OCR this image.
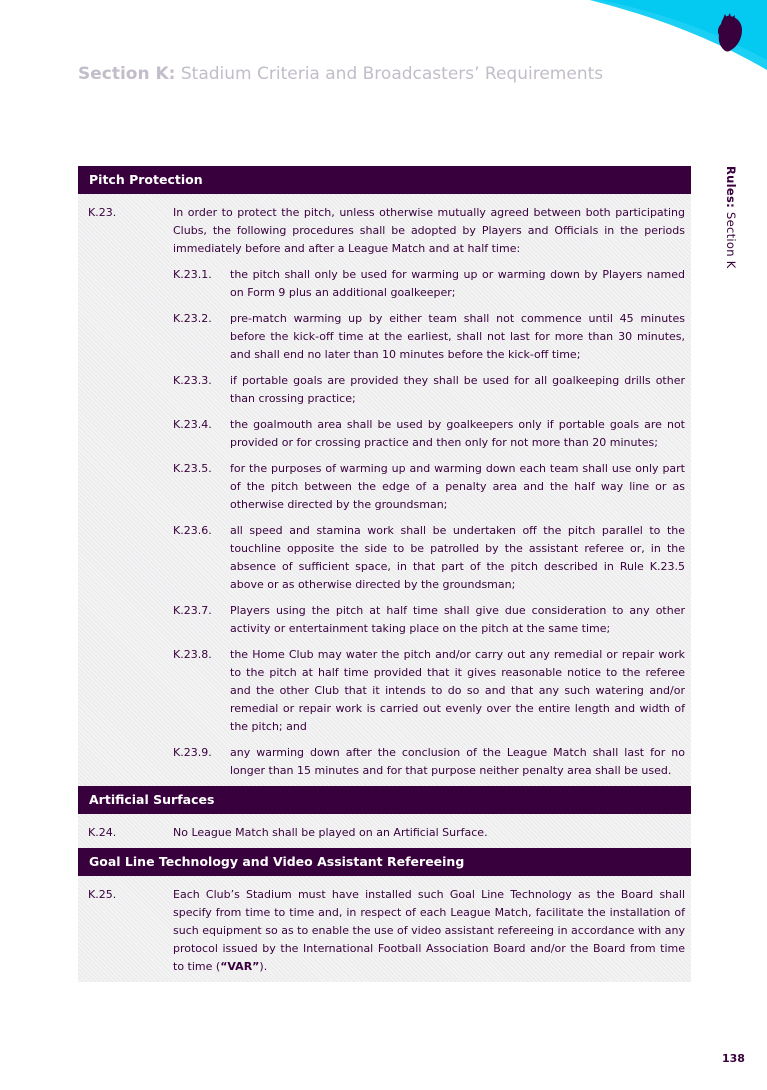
Section K: Stadium Criteria and Broadcasters’ Requirements
Rules: Section K
Pitch Protection
K.23.	In order to protect the pitch, unless otherwise mutually agreed between both participating Clubs, the following procedures shall be adopted by Players and Officials in the periods immediately before and after a League Match and at half time:
K.23.1.	the pitch shall only be used for warming up or warming down by Players named on Form 9 plus an additional goalkeeper;
K.23.2.	pre-match warming up by either team shall not commence until 45 minutes before the kick-off time at the earliest, shall not last for more than 30 minutes, and shall end no later than 10 minutes before the kick-off time;
K.23.3.	if portable goals are provided they shall be used for all goalkeeping drills other than crossing practice;
K.23.4.	the goalmouth area shall be used by goalkeepers only if portable goals are not provided or for crossing practice and then only for not more than 20 minutes;
K.23.5.	for the purposes of warming up and warming down each team shall use only part of the pitch between the edge of a penalty area and the half way line or as otherwise directed by the groundsman;
K.23.6.	all speed and stamina work shall be undertaken off the pitch parallel to the touchline opposite the side to be patrolled by the assistant referee or, in the absence of sufficient space, in that part of the pitch described in Rule K.23.5 above or as otherwise directed by the groundsman;
K.23.7.	Players using the pitch at half time shall give due consideration to any other activity or entertainment taking place on the pitch at the same time;
K.23.8.	the Home Club may water the pitch and/or carry out any remedial or repair work to the pitch at half time provided that it gives reasonable notice to the referee and the other Club that it intends to do so and that any such watering and/or remedial or repair work is carried out evenly over the entire length and width of the pitch; and
K.23.9.	any warming down after the conclusion of the League Match shall last for no longer than 15 minutes and for that purpose neither penalty area shall be used.
Artificial Surfaces
K.24.	No League Match shall be played on an Artificial Surface.
Goal Line Technology and Video Assistant Refereeing
K.25.	Each Club’s Stadium must have installed such Goal Line Technology as the Board shall specify from time to time and, in respect of each League Match, facilitate the installation of such equipment so as to enable the use of video assistant refereeing in accordance with any protocol issued by the International Football Association Board and/or the Board from time to time (“VAR”).
138
